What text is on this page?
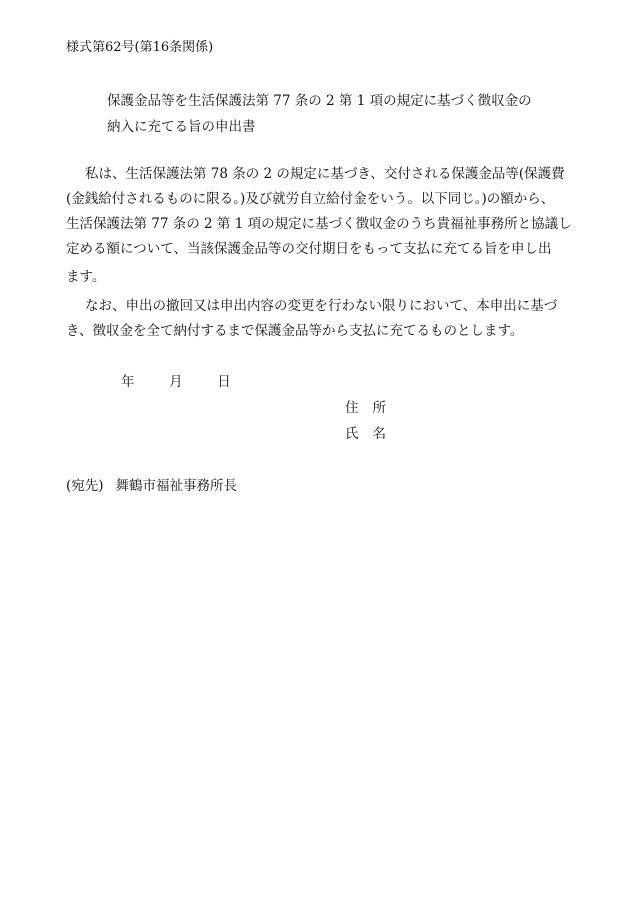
様式第62号(第16条関係)

保護金品等を生活保護法第 77 条の 2 第 1 項の規定に基づく徴収金の

納入に充てる旨の申出書

私は、生活保護法第 78 条の 2 の規定に基づき、交付される保護金品等(保護費

(金銭給付されるものに限る。)及び就労自立給付金をいう。以下同じ。)の額から、

生活保護法第 77 条の 2 第 1 項の規定に基づく徴収金のうち貴福祉事務所と協議し

定める額について、当該保護金品等の交付期日をもって支払に充てる旨を申し出

ます。

なお、申出の撤回又は申出内容の変更を行わない限りにおいて、本申出に基づ

き、徴収金を全て納付するまで保護金品等から支払に充てるものとします。

年	月	日
住 所
氏 名
(宛先) 舞鶴市福祉事務所長
